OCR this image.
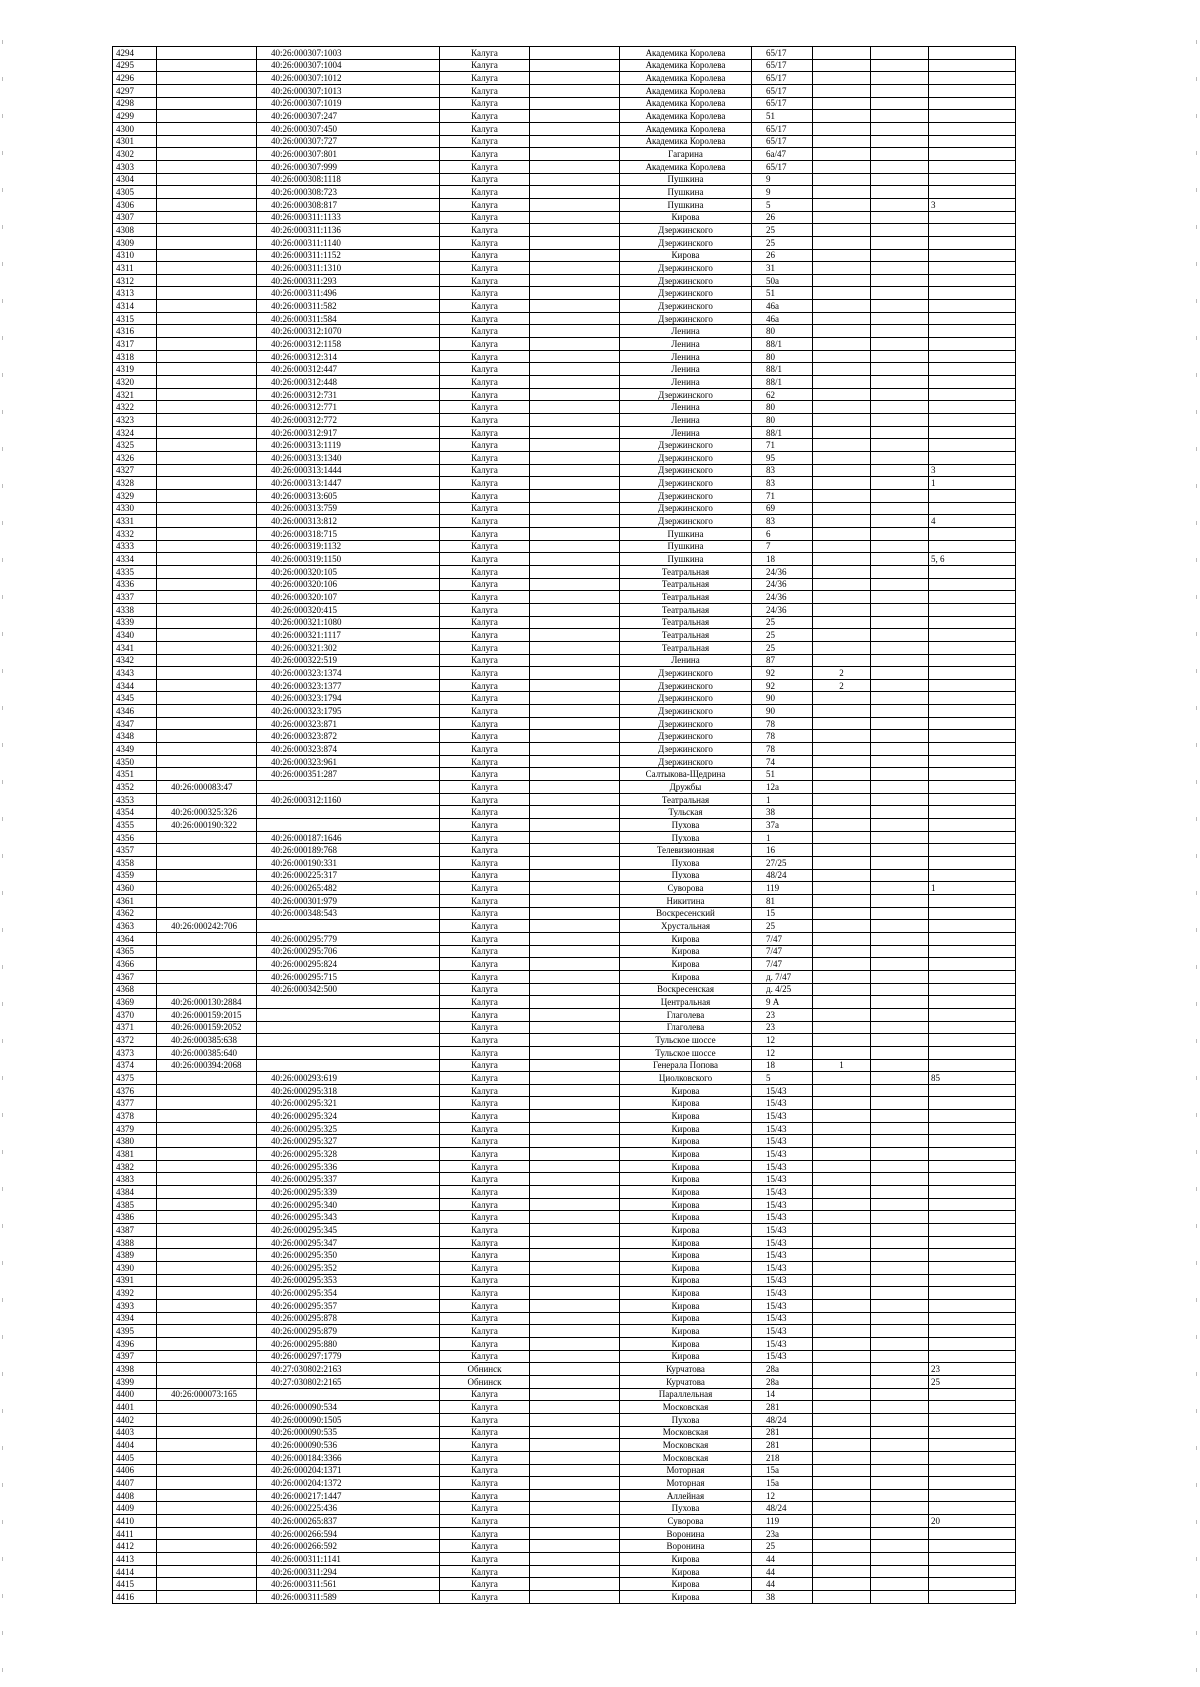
4294		40:26:000307:1003	Калуга		Академика Королева	65/17			
4295		40:26:000307:1004	Калуга		Академика Королева	65/17			
4296		40:26:000307:1012	Калуга		Академика Королева	65/17			
4297		40:26:000307:1013	Калуга		Академика Королева	65/17			
4298		40:26:000307:1019	Калуга		Академика Королева	65/17			
4299		40:26:000307:247	Калуга		Академика Королева	51			
4300		40:26:000307:450	Калуга		Академика Королева	65/17			
4301		40:26:000307:727	Калуга		Академика Королева	65/17			
4302		40:26:000307:801	Калуга		Гагарина	6а/47			
4303		40:26:000307:999	Калуга		Академика Королева	65/17			
4304		40:26:000308:1118	Калуга		Пушкина	9			
4305		40:26:000308:723	Калуга		Пушкина	9			
4306		40:26:000308:817	Калуга		Пушкина	5			3
4307		40:26:000311:1133	Калуга		Кирова	26			
4308		40:26:000311:1136	Калуга		Дзержинского	25			
4309		40:26:000311:1140	Калуга		Дзержинского	25			
4310		40:26:000311:1152	Калуга		Кирова	26			
4311		40:26:000311:1310	Калуга		Дзержинского	31			
4312		40:26:000311:293	Калуга		Дзержинского	50а			
4313		40:26:000311:496	Калуга		Дзержинского	51			
4314		40:26:000311:582	Калуга		Дзержинского	46а			
4315		40:26:000311:584	Калуга		Дзержинского	46а			
4316		40:26:000312:1070	Калуга		Ленина	80			
4317		40:26:000312:1158	Калуга		Ленина	88/1			
4318		40:26:000312:314	Калуга		Ленина	80			
4319		40:26:000312:447	Калуга		Ленина	88/1			
4320		40:26:000312:448	Калуга		Ленина	88/1			
4321		40:26:000312:731	Калуга		Дзержинского	62			
4322		40:26:000312:771	Калуга		Ленина	80			
4323		40:26:000312:772	Калуга		Ленина	80			
4324		40:26:000312:917	Калуга		Ленина	88/1			
4325		40:26:000313:1119	Калуга		Дзержинского	71			
4326		40:26:000313:1340	Калуга		Дзержинского	95			
4327		40:26:000313:1444	Калуга		Дзержинского	83			3
4328		40:26:000313:1447	Калуга		Дзержинского	83			1
4329		40:26:000313:605	Калуга		Дзержинского	71			
4330		40:26:000313:759	Калуга		Дзержинского	69			
4331		40:26:000313:812	Калуга		Дзержинского	83			4
4332		40:26:000318:715	Калуга		Пушкина	6			
4333		40:26:000319:1132	Калуга		Пушкина	7			
4334		40:26:000319:1150	Калуга		Пушкина	18			5, 6
4335		40:26:000320:105	Калуга		Театральная	24/36			
4336		40:26:000320:106	Калуга		Театральная	24/36			
4337		40:26:000320:107	Калуга		Театральная	24/36			
4338		40:26:000320:415	Калуга		Театральная	24/36			
4339		40:26:000321:1080	Калуга		Театральная	25			
4340		40:26:000321:1117	Калуга		Театральная	25			
4341		40:26:000321:302	Калуга		Театральная	25			
4342		40:26:000322:519	Калуга		Ленина	87			
4343		40:26:000323:1374	Калуга		Дзержинского	92	2		
4344		40:26:000323:1377	Калуга		Дзержинского	92	2		
4345		40:26:000323:1794	Калуга		Дзержинского	90			
4346		40:26:000323:1795	Калуга		Дзержинского	90			
4347		40:26:000323:871	Калуга		Дзержинского	78			
4348		40:26:000323:872	Калуга		Дзержинского	78			
4349		40:26:000323:874	Калуга		Дзержинского	78			
4350		40:26:000323:961	Калуга		Дзержинского	74			
4351		40:26:000351:287	Калуга		Салтыкова-Щедрина	51			
4352	40:26:000083:47		Калуга		Дружбы	12а			
4353		40:26:000312:1160	Калуга		Театральная	1			
4354	40:26:000325:326		Калуга		Тульская	38			
4355	40:26:000190:322		Калуга		Пухова	37а			
4356		40:26:000187:1646	Калуга		Пухова	1			
4357		40:26:000189:768	Калуга		Телевизионная	16			
4358		40:26:000190:331	Калуга		Пухова	27/25			
4359		40:26:000225:317	Калуга		Пухова	48/24			
4360		40:26:000265:482	Калуга		Суворова	119			1
4361		40:26:000301:979	Калуга		Никитина	81			
4362		40:26:000348:543	Калуга		Воскресенский	15			
4363	40:26:000242:706		Калуга		Хрустальная	25			
4364		40:26:000295:779	Калуга		Кирова	7/47			
4365		40:26:000295:706	Калуга		Кирова	7/47			
4366		40:26:000295:824	Калуга		Кирова	7/47			
4367		40:26:000295:715	Калуга		Кирова	д. 7/47			
4368		40:26:000342:500	Калуга		Воскресенская	д. 4/25			
4369	40:26:000130:2884		Калуга		Центральная	9 А			
4370	40:26:000159:2015		Калуга		Глаголева	23			
4371	40:26:000159:2052		Калуга		Глаголева	23			
4372	40:26:000385:638		Калуга		Тульское шоссе	12			
4373	40:26:000385:640		Калуга		Тульское шоссе	12			
4374	40:26:000394:2068		Калуга		Генерала Попова	18	1		
4375		40:26:000293:619	Калуга		Циолковского	5			85
4376		40:26:000295:318	Калуга		Кирова	15/43			
4377		40:26:000295:321	Калуга		Кирова	15/43			
4378		40:26:000295:324	Калуга		Кирова	15/43			
4379		40:26:000295:325	Калуга		Кирова	15/43			
4380		40:26:000295:327	Калуга		Кирова	15/43			
4381		40:26:000295:328	Калуга		Кирова	15/43			
4382		40:26:000295:336	Калуга		Кирова	15/43			
4383		40:26:000295:337	Калуга		Кирова	15/43			
4384		40:26:000295:339	Калуга		Кирова	15/43			
4385		40:26:000295:340	Калуга		Кирова	15/43			
4386		40:26:000295:343	Калуга		Кирова	15/43			
4387		40:26:000295:345	Калуга		Кирова	15/43			
4388		40:26:000295:347	Калуга		Кирова	15/43			
4389		40:26:000295:350	Калуга		Кирова	15/43			
4390		40:26:000295:352	Калуга		Кирова	15/43			
4391		40:26:000295:353	Калуга		Кирова	15/43			
4392		40:26:000295:354	Калуга		Кирова	15/43			
4393		40:26:000295:357	Калуга		Кирова	15/43			
4394		40:26:000295:878	Калуга		Кирова	15/43			
4395		40:26:000295:879	Калуга		Кирова	15/43			
4396		40:26:000295:880	Калуга		Кирова	15/43			
4397		40:26:000297:1779	Калуга		Кирова	15/43			
4398		40:27:030802:2163	Обнинск		Курчатова	28а			23
4399		40:27:030802:2165	Обнинск		Курчатова	28а			25
4400	40:26:000073:165		Калуга		Параллельная	14			
4401		40:26:000090:534	Калуга		Московская	281			
4402		40:26:000090:1505	Калуга		Пухова	48/24			
4403		40:26:000090:535	Калуга		Московская	281			
4404		40:26:000090:536	Калуга		Московская	281			
4405		40:26:000184:3366	Калуга		Московская	218			
4406		40:26:000204:1371	Калуга		Моторная	15а			
4407		40:26:000204:1372	Калуга		Моторная	15а			
4408		40:26:000217:1447	Калуга		Аллейная	12			
4409		40:26:000225:436	Калуга		Пухова	48/24			
4410		40:26:000265:837	Калуга		Суворова	119			20
4411		40:26:000266:594	Калуга		Воронина	23а			
4412		40:26:000266:592	Калуга		Воронина	25			
4413		40:26:000311:1141	Калуга		Кирова	44			
4414		40:26:000311:294	Калуга		Кирова	44			
4415		40:26:000311:561	Калуга		Кирова	44			
4416		40:26:000311:589	Калуга		Кирова	38			
